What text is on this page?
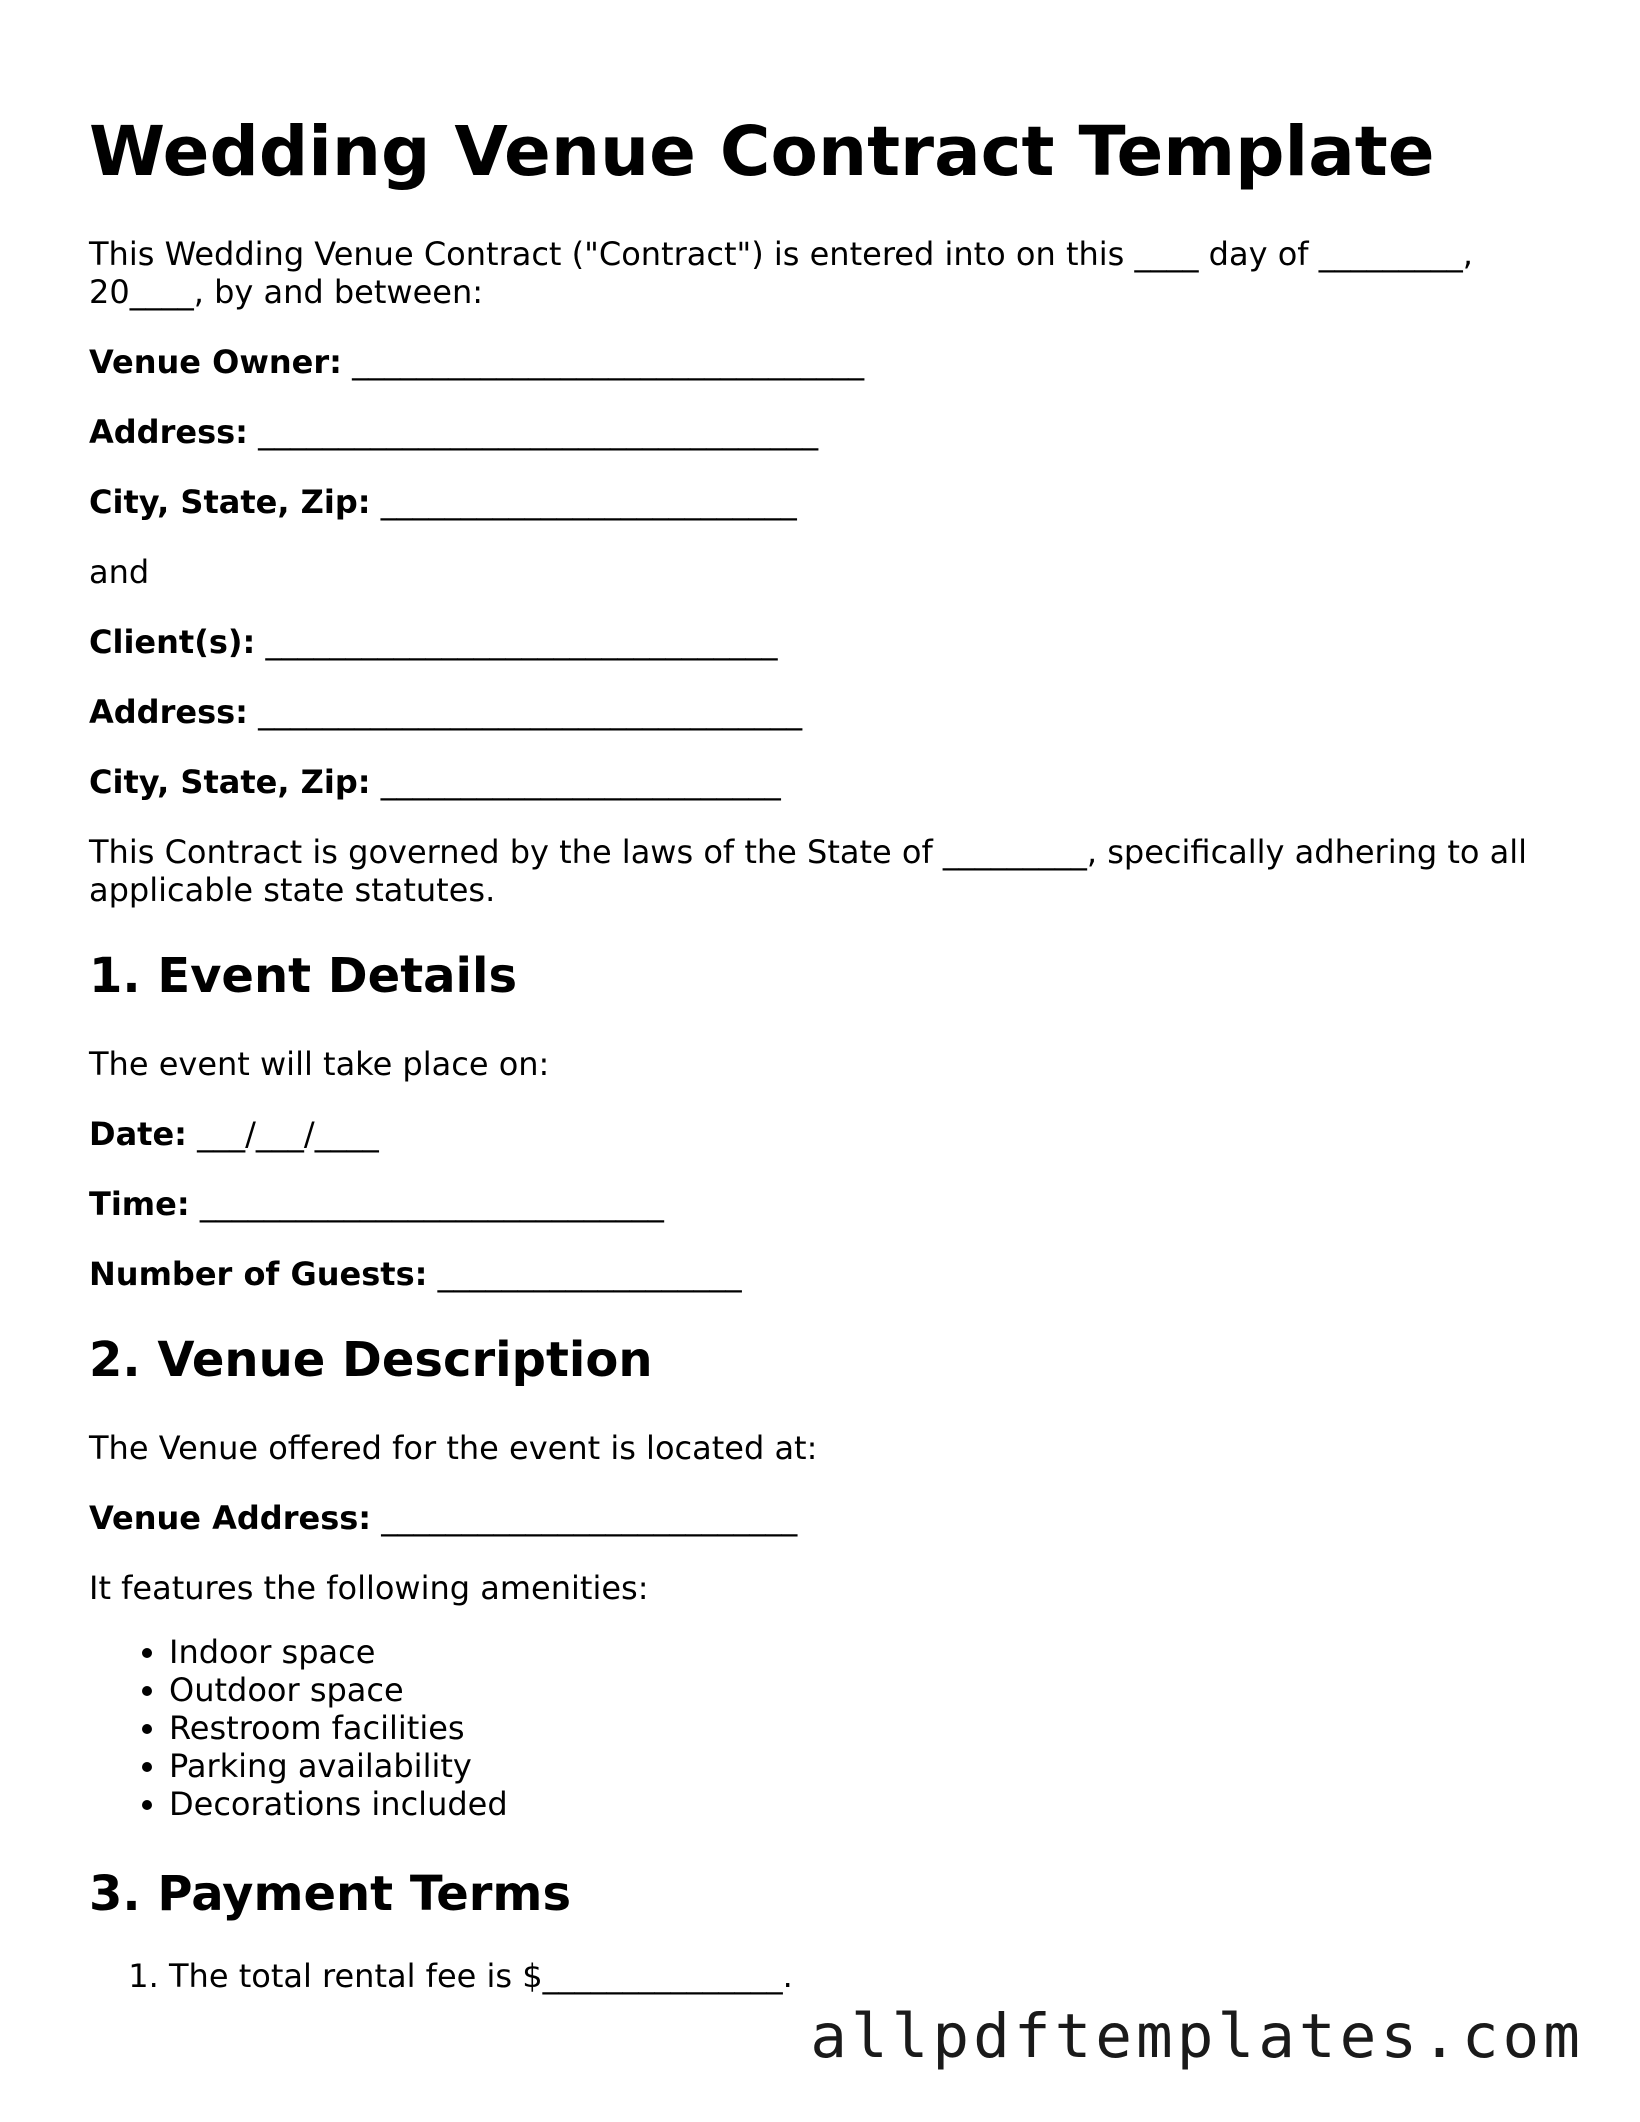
Wedding Venue Contract Template

This Wedding Venue Contract ("Contract") is entered into on this ____ day of _________,

20____, by and between:

Venue Owner: ________________________________

Address: ___________________________________

City, State, Zip: __________________________

and

Client(s): ________________________________

Address: __________________________________

City, State, Zip: _________________________

This Contract is governed by the laws of the State of _________, specifically adhering to all

applicable state statutes.

1. Event Details

The event will take place on:

Date: ___/___/____

Time: _____________________________

Number of Guests: ___________________

2. Venue Description

The Venue offered for the event is located at:

Venue Address: __________________________

It features the following amenities:

• Indoor space
• Outdoor space
• Restroom facilities
• Parking availability
• Decorations included
3. Payment Terms
1. The total rental fee is $_______________.
allpdftemplates.com
